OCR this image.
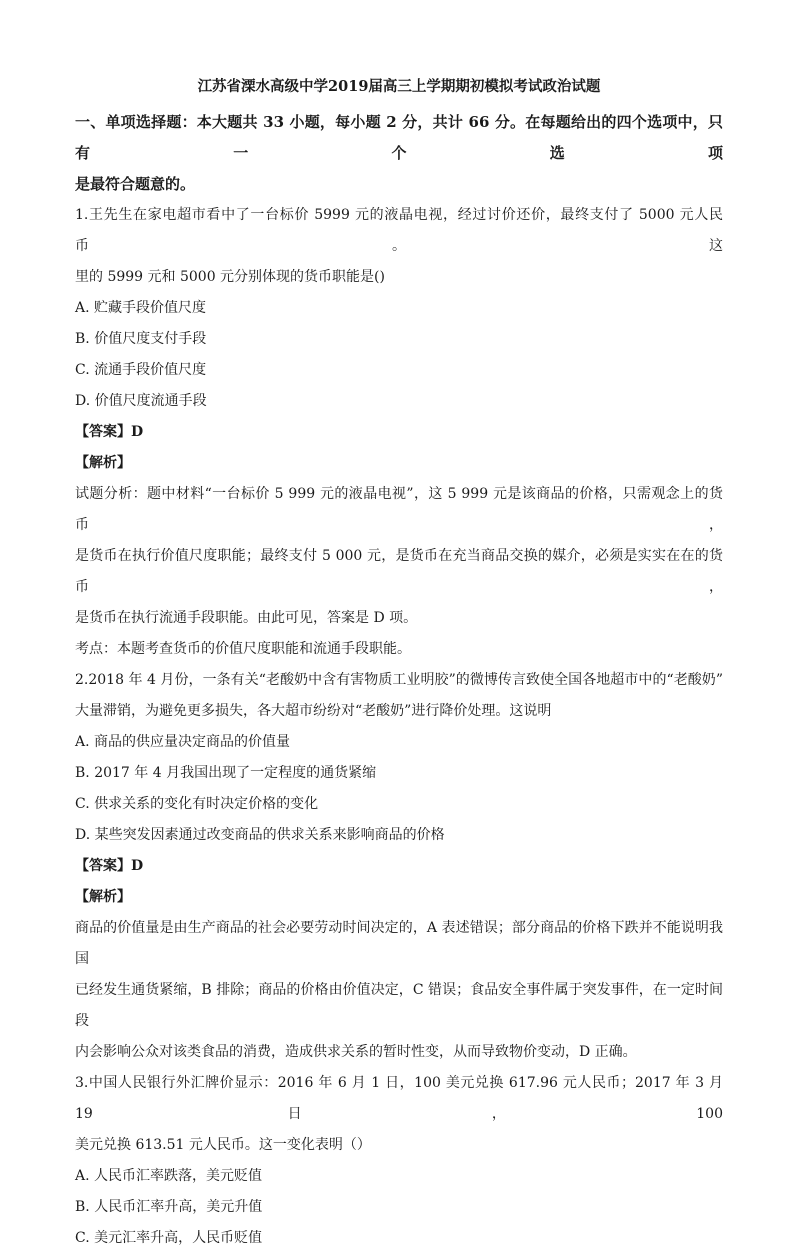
江苏省溧水高级中学2019届高三上学期期初模拟考试政治试题
一、单项选择题：本大题共 33 小题，每小题 2 分，共计 66 分。在每题给出的四个选项中，只有一个选项
是最符合题意的。
1.王先生在家电超市看中了一台标价 5999 元的液晶电视，经过讨价还价，最终支付了 5000 元人民币。这
里的 5999 元和 5000 元分别体现的货币职能是()
A. 贮藏手段价值尺度
B. 价值尺度支付手段
C. 流通手段价值尺度
D. 价值尺度流通手段
【答案】D
【解析】
试题分析：题中材料“一台标价 5 999 元的液晶电视”，这 5 999 元是该商品的价格，只需观念上的货币，
是货币在执行价值尺度职能；最终支付 5 000 元，是货币在充当商品交换的媒介，必须是实实在在的货币，
是货币在执行流通手段职能。由此可见，答案是 D 项。
考点：本题考查货币的价值尺度职能和流通手段职能。
2.2018 年 4 月份，一条有关“老酸奶中含有害物质工业明胶”的微博传言致使全国各地超市中的“老酸奶”
大量滞销，为避免更多损失，各大超市纷纷对“老酸奶”进行降价处理。这说明
A. 商品的供应量决定商品的价值量
B. 2017 年 4 月我国出现了一定程度的通货紧缩
C. 供求关系的变化有时决定价格的变化
D. 某些突发因素通过改变商品的供求关系来影响商品的价格
【答案】D
【解析】
商品的价值量是由生产商品的社会必要劳动时间决定的，A 表述错误；部分商品的价格下跌并不能说明我国
已经发生通货紧缩，B 排除；商品的价格由价值决定，C 错误；食品安全事件属于突发事件，在一定时间段
内会影响公众对该类食品的消费，造成供求关系的暂时性变，从而导致物价变动，D 正确。
3.中国人民银行外汇牌价显示：2016 年 6 月 1 日，100 美元兑换 617.96 元人民币；2017 年 3 月 19 日，100
美元兑换 613.51 元人民币。这一变化表明（）
A. 人民币汇率跌落，美元贬值
B. 人民币汇率升高，美元升值
C. 美元汇率升高，人民币贬值
